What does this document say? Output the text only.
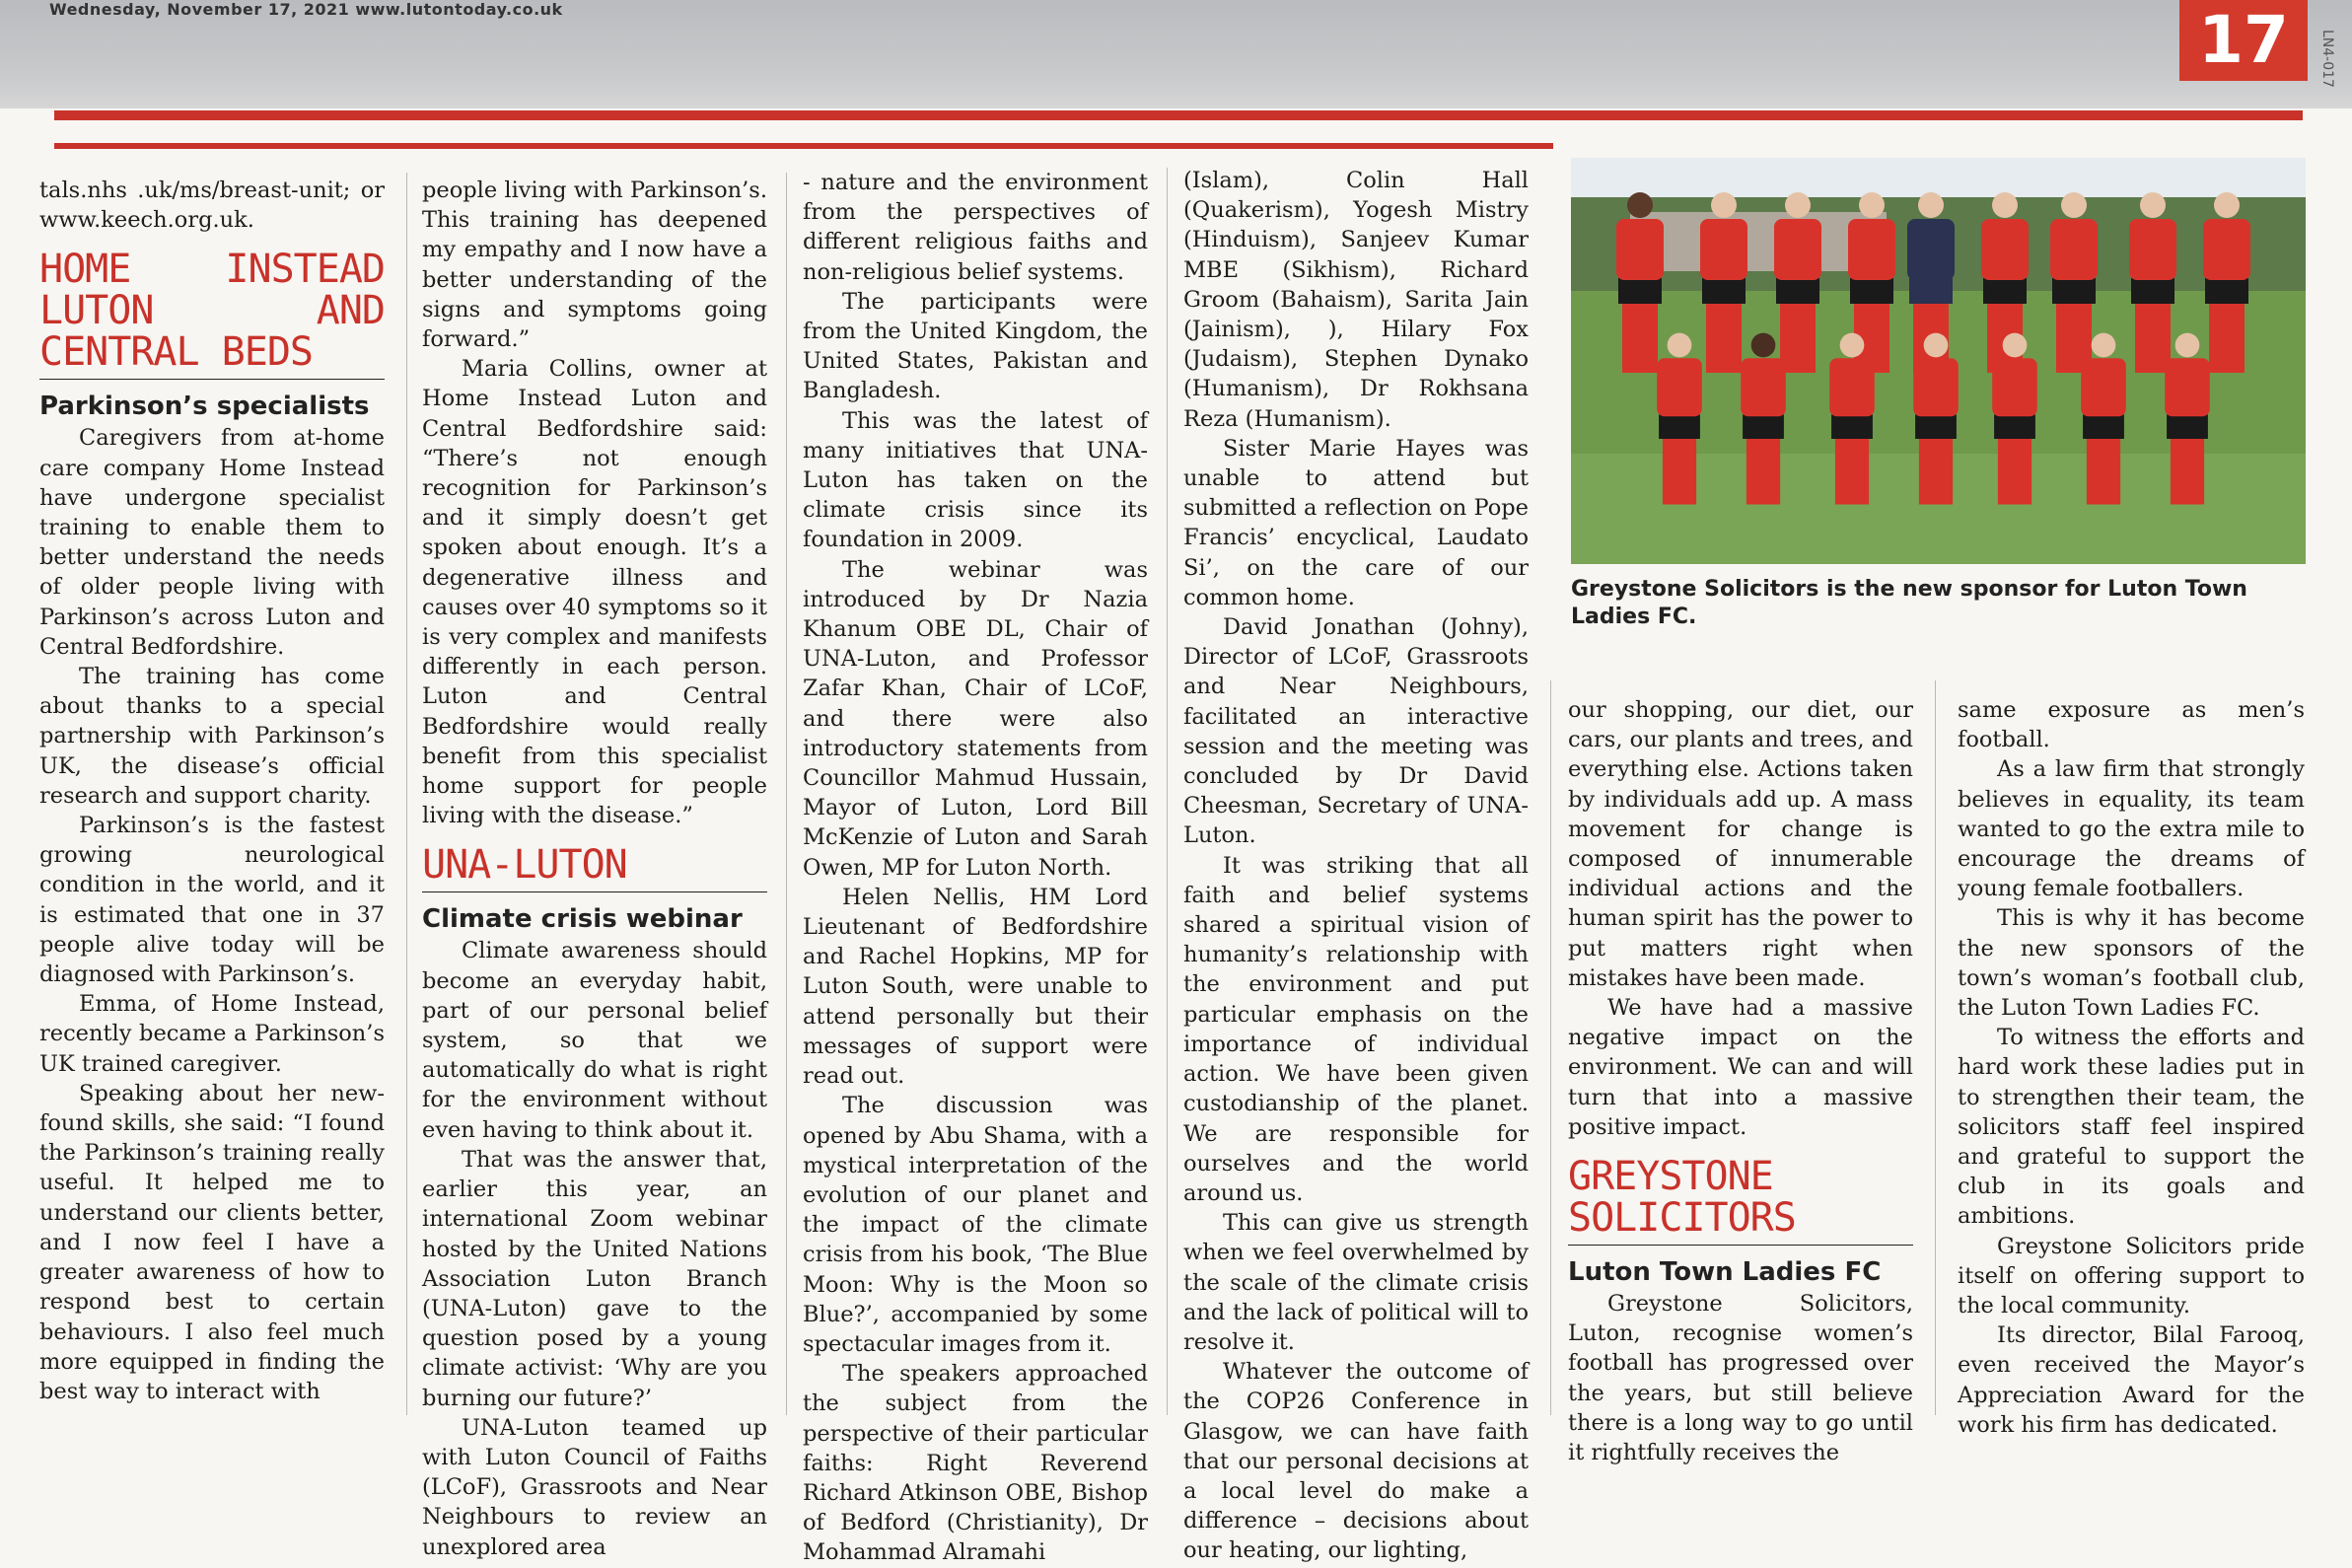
Wednesday, November 17, 2021 www.lutontoday.co.uk	17	LN4-017

tals.nhs .uk/ms/breast-unit; or www.keech.org.uk.

HOME INSTEAD LUTON AND CENTRAL BEDS
Parkinson’s specialists

Caregivers from at-home care company Home Instead have undergone specialist training to enable them to better understand the needs of older people living with Parkinson’s across Luton and Central Bedfordshire.

The training has come about thanks to a special partnership with Parkinson’s UK, the disease’s official research and support charity.

Parkinson’s is the fastest growing neurological condition in the world, and it is estimated that one in 37 people alive today will be diagnosed with Parkinson’s.

Emma, of Home Instead, recently became a Parkinson’s UK trained caregiver.

Speaking about her new-found skills, she said: “I found the Parkinson’s training really useful. It helped me to understand our clients better, and I now feel I have a greater awareness of how to respond best to certain behaviours. I also feel much more equipped in finding the best way to interact with

people living with Parkinson’s. This training has deepened my empathy and I now have a better understanding of the signs and symptoms going forward.”

Maria Collins, owner at Home Instead Luton and Central Bedfordshire said: “There’s not enough recognition for Parkinson’s and it simply doesn’t get spoken about enough. It’s a degenerative illness and causes over 40 symptoms so it is very complex and manifests differently in each person. Luton and Central Bedfordshire would really benefit from this specialist home support for people living with the disease.”

UNA-LUTON
Climate crisis webinar

Climate awareness should become an everyday habit, part of our personal belief system, so that we automatically do what is right for the environment without even having to think about it.

That was the answer that, earlier this year, an international Zoom webinar hosted by the United Nations Association Luton Branch (UNA-Luton) gave to the question posed by a young climate activist: ‘Why are you burning our future?’

UNA-Luton teamed up with Luton Council of Faiths (LCoF), Grassroots and Near Neighbours to review an unexplored area

- nature and the environment from the perspectives of different religious faiths and non-religious belief systems.

The participants were from the United Kingdom, the United States, Pakistan and Bangladesh.

This was the latest of many initiatives that UNA-Luton has taken on the climate crisis since its foundation in 2009.

The webinar was introduced by Dr Nazia Khanum OBE DL, Chair of UNA-Luton, and Professor Zafar Khan, Chair of LCoF, and there were also introductory statements from Councillor Mahmud Hussain, Mayor of Luton, Lord Bill McKenzie of Luton and Sarah Owen, MP for Luton North.

Helen Nellis, HM Lord Lieutenant of Bedfordshire and Rachel Hopkins, MP for Luton South, were unable to attend personally but their messages of support were read out.

The discussion was opened by Abu Shama, with a mystical interpretation of the evolution of our planet and the impact of the climate crisis from his book, ‘The Blue Moon: Why is the Moon so Blue?’, accompanied by some spectacular images from it.

The speakers approached the subject from the perspective of their particular faiths: Right Reverend Richard Atkinson OBE, Bishop of Bedford (Christianity), Dr Mohammad Alramahi

(Islam), Colin Hall (Quakerism), Yogesh Mistry (Hinduism), Sanjeev Kumar MBE (Sikhism), Richard Groom (Bahaism), Sarita Jain (Jainism), ), Hilary Fox (Judaism), Stephen Dynako (Humanism), Dr Rokhsana Reza (Humanism).

Sister Marie Hayes was unable to attend but submitted a reflection on Pope Francis’ encyclical, Laudato Si’, on the care of our common home.

David Jonathan (Johny), Director of LCoF, Grassroots and Near Neighbours, facilitated an interactive session and the meeting was concluded by Dr David Cheesman, Secretary of UNA-Luton.

It was striking that all faith and belief systems shared a spiritual vision of humanity’s relationship with the environment and put particular emphasis on the importance of individual action. We have been given custodianship of the planet. We are responsible for ourselves and the world around us.

This can give us strength when we feel overwhelmed by the scale of the climate crisis and the lack of political will to resolve it.

Whatever the outcome of the COP26 Conference in Glasgow, we can have faith that our personal decisions at a local level do make a difference – decisions about our heating, our lighting,

Greystone Solicitors is the new sponsor for Luton Town Ladies FC.

our shopping, our diet, our cars, our plants and trees, and everything else. Actions taken by individuals add up. A mass movement for change is composed of innumerable individual actions and the human spirit has the power to put matters right when mistakes have been made.

We have had a massive negative impact on the environment. We can and will turn that into a massive positive impact.

GREYSTONE SOLICITORS
Luton Town Ladies FC

Greystone Solicitors, Luton, recognise women’s football has progressed over the years, but still believe there is a long way to go until it rightfully receives the

same exposure as men’s football.

As a law firm that strongly believes in equality, its team wanted to go the extra mile to encourage the dreams of young female footballers.

This is why it has become the new sponsors of the town’s woman’s football club, the Luton Town Ladies FC.

To witness the efforts and hard work these ladies put in to strengthen their team, the solicitors staff feel inspired and grateful to support the club in its goals and ambitions.

Greystone Solicitors pride itself on offering support to the local community.

Its director, Bilal Farooq, even received the Mayor’s Appreciation Award for the work his firm has dedicated.
